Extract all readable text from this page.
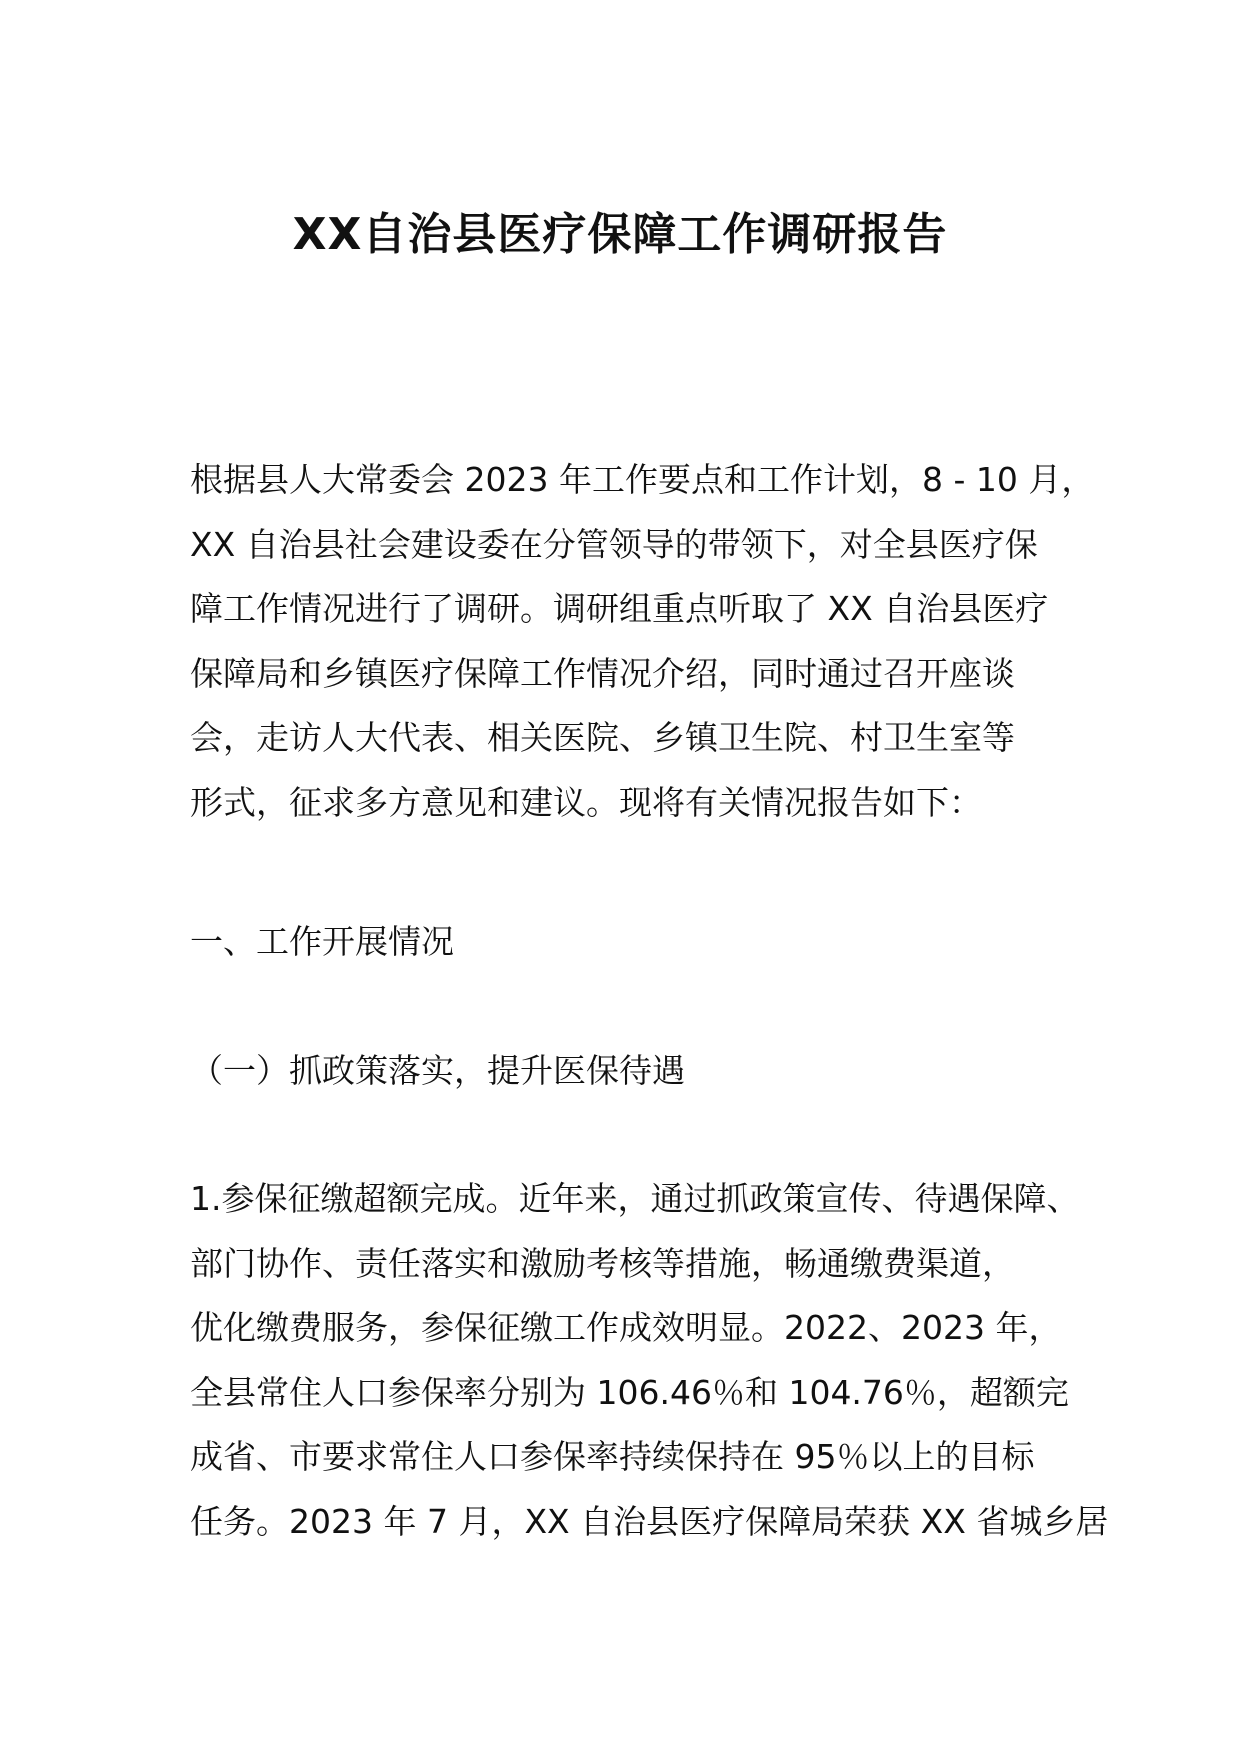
XX自治县医疗保障工作调研报告
根据县人大常委会 2023 年工作要点和工作计划，8 - 10 月，
XX 自治县社会建设委在分管领导的带领下，对全县医疗保
障工作情况进行了调研。调研组重点听取了 XX 自治县医疗
保障局和乡镇医疗保障工作情况介绍，同时通过召开座谈
会，走访人大代表、相关医院、乡镇卫生院、村卫生室等
形式，征求多方意见和建议。现将有关情况报告如下：
一、工作开展情况
（一）抓政策落实，提升医保待遇
1.参保征缴超额完成。近年来，通过抓政策宣传、待遇保障、
部门协作、责任落实和激励考核等措施，畅通缴费渠道，
优化缴费服务，参保征缴工作成效明显。2022、2023 年，
全县常住人口参保率分别为 106.46％和 104.76％，超额完
成省、市要求常住人口参保率持续保持在 95％以上的目标
任务。2023 年 7 月，XX 自治县医疗保障局荣获 XX 省城乡居
